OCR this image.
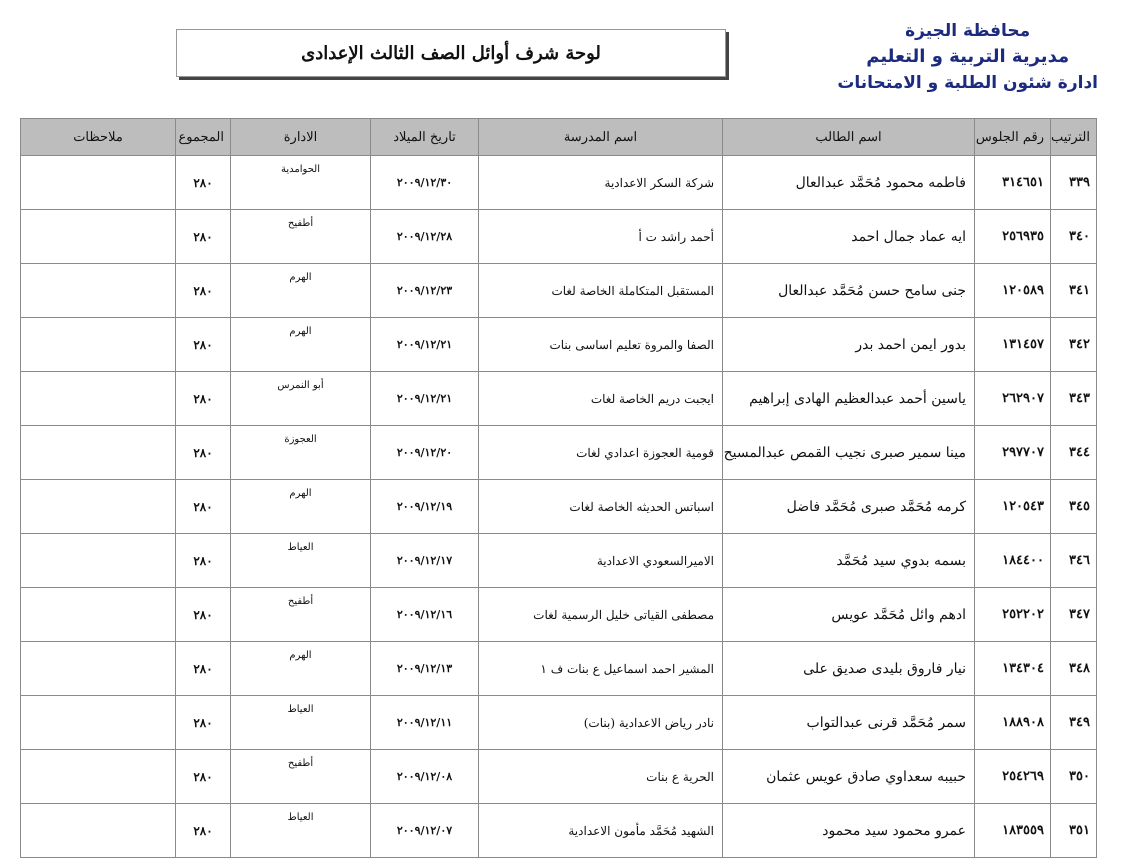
محافظة الجيزة
مديرية التربية و التعليم
ادارة شئون الطلبة و الامتحانات
لوحة شرف أوائل الصف الثالث الإعدادى
الترتيب	رقم الجلوس	اسم الطالب	اسم المدرسة	تاريخ الميلاد	الادارة	المجموع	ملاحظات
٣٣٩	٣١٤٦٥١	فاطمه محمود مُحَمَّد عبدالعال	شركة السكر الاعدادية	٢٠٠٩/١٢/٣٠	الحوامدية	٢٨٠	
٣٤٠	٢٥٦٩٣٥	ايه عماد جمال احمد	أحمد راشد ت أ	٢٠٠٩/١٢/٢٨	أطفيح	٢٨٠	
٣٤١	١٢٠٥٨٩	جنى سامح حسن مُحَمَّد عبدالعال	المستقبل المتكاملة الخاصة لغات	٢٠٠٩/١٢/٢٣	الهرم	٢٨٠	
٣٤٢	١٣١٤٥٧	بدور ايمن احمد بدر	الصفا والمروة تعليم اساسى بنات	٢٠٠٩/١٢/٢١	الهرم	٢٨٠	
٣٤٣	٢٦٢٩٠٧	ياسين أحمد عبدالعظيم الهادى إبراهيم	ايجبت دريم الخاصة لغات	٢٠٠٩/١٢/٢١	أبو النمرس	٢٨٠	
٣٤٤	٢٩٧٧٠٧	مينا سمير صبرى نجيب القمص عبدالمسيح	قومية العجوزة اعدادي لغات	٢٠٠٩/١٢/٢٠	العجوزة	٢٨٠	
٣٤٥	١٢٠٥٤٣	كرمه مُحَمَّد صبرى مُحَمَّد فاضل	اسباتس الحديثه الخاصة لغات	٢٠٠٩/١٢/١٩	الهرم	٢٨٠	
٣٤٦	١٨٤٤٠٠	بسمه بدوي سيد مُحَمَّد	الاميرالسعودي الاعدادية	٢٠٠٩/١٢/١٧	العياط	٢٨٠	
٣٤٧	٢٥٢٢٠٢	ادهم وائل مُحَمَّد عويس	مصطفى القياتى خليل الرسمية لغات	٢٠٠٩/١٢/١٦	أطفيح	٢٨٠	
٣٤٨	١٣٤٣٠٤	نيار فاروق بليدى صديق على	المشير احمد اسماعيل ع بنات ف ١	٢٠٠٩/١٢/١٣	الهرم	٢٨٠	
٣٤٩	١٨٨٩٠٨	سمر مُحَمَّد قرنى عبدالتواب	نادر رياض الاعدادية (بنات)	٢٠٠٩/١٢/١١	العياط	٢٨٠	
٣٥٠	٢٥٤٢٦٩	حبيبه سعداوي صادق عويس عثمان	الحرية ع بنات	٢٠٠٩/١٢/٠٨	أطفيح	٢٨٠	
٣٥١	١٨٣٥٥٩	عمرو محمود سيد محمود	الشهيد مُحَمَّد مأمون الاعدادية	٢٠٠٩/١٢/٠٧	العياط	٢٨٠	
